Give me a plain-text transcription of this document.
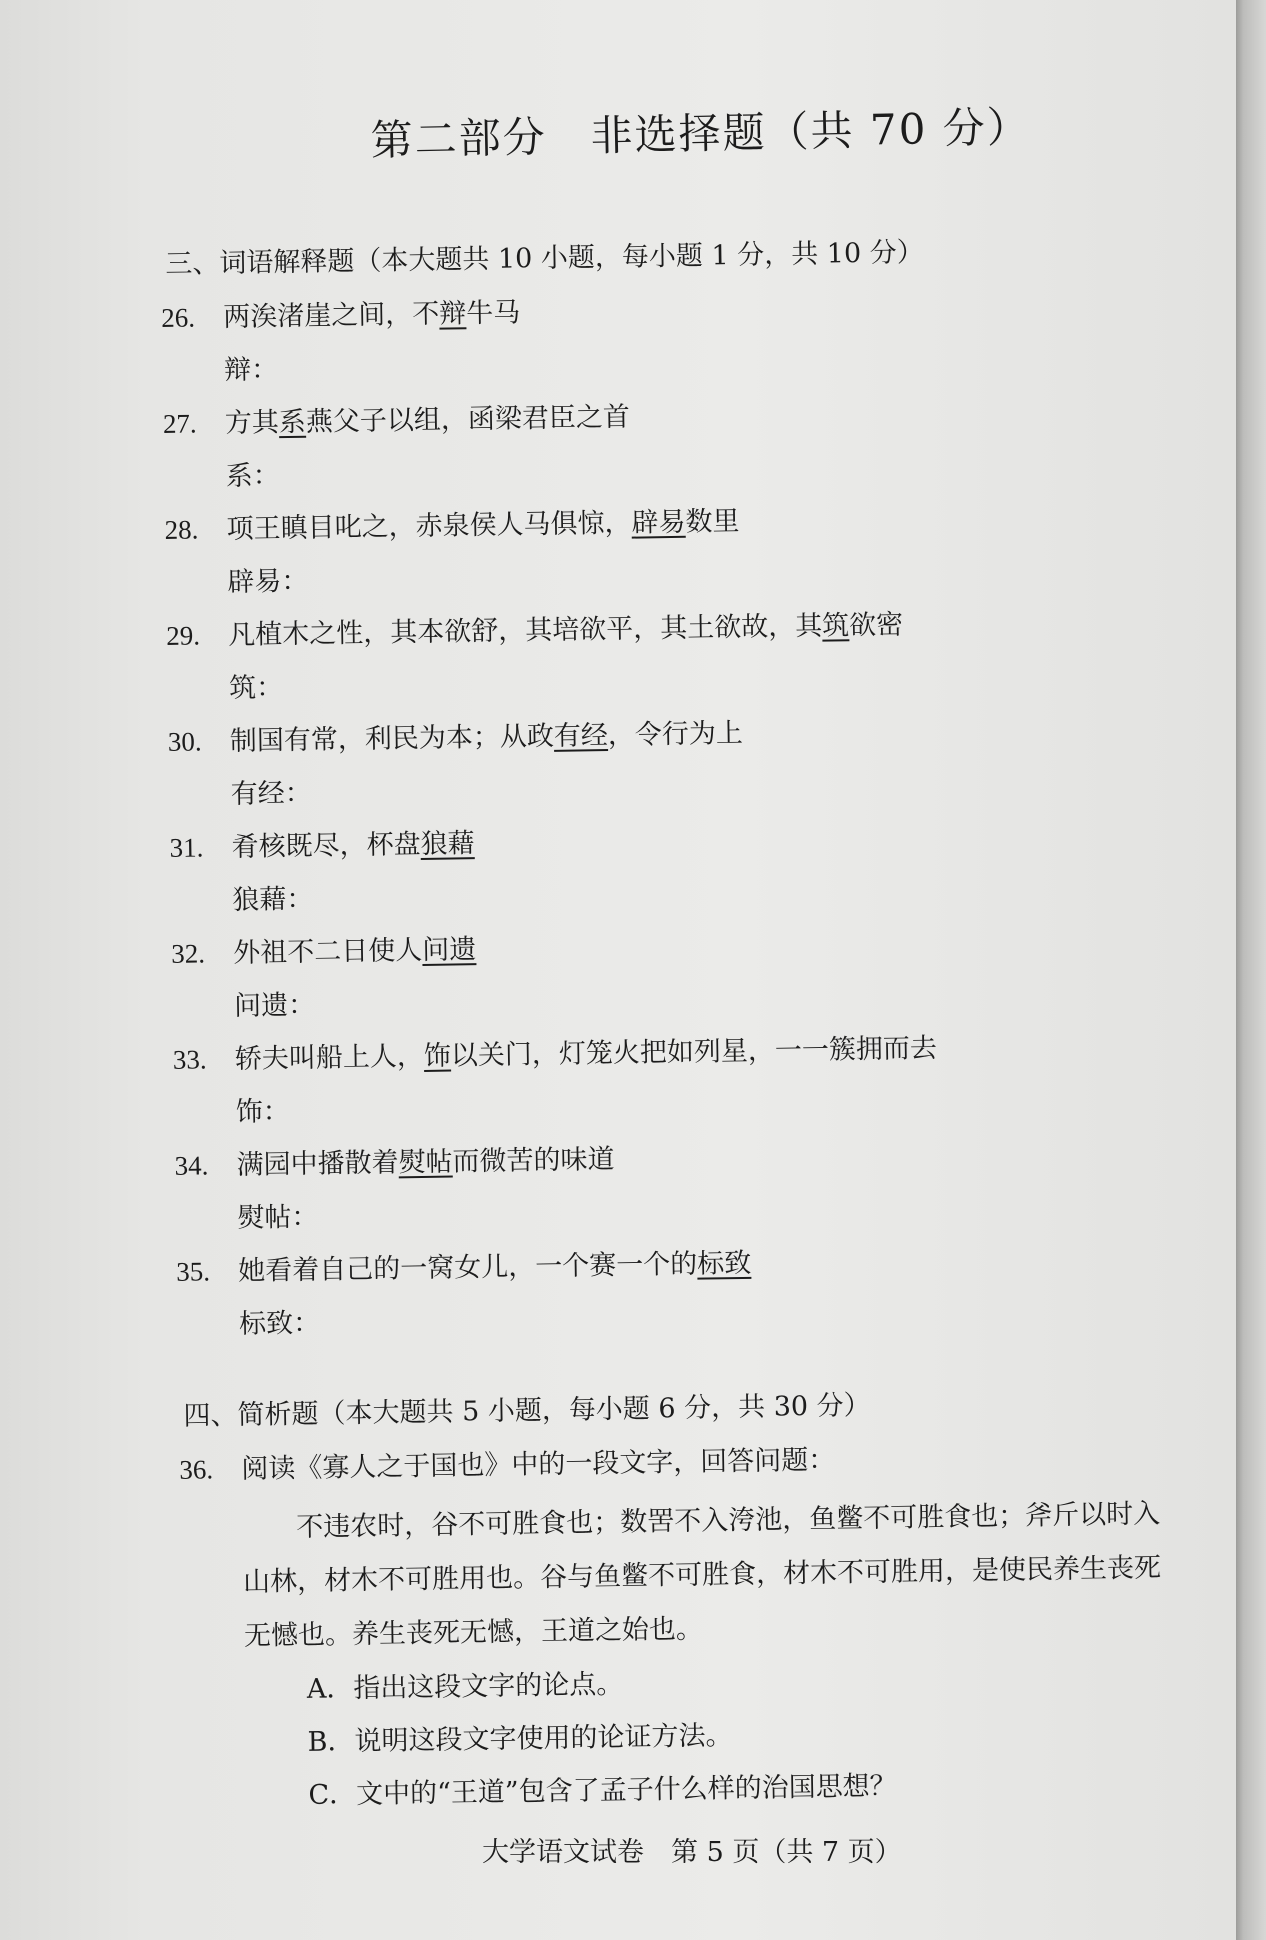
第二部分　非选择题（共 70 分）
三、词语解释题（本大题共 10 小题，每小题 1 分，共 10 分）
26. 两涘渚崖之间，不辩牛马
辩：
27. 方其系燕父子以组，函梁君臣之首
系：
28. 项王瞋目叱之，赤泉侯人马俱惊，辟易数里
辟易：
29. 凡植木之性，其本欲舒，其培欲平，其土欲故，其筑欲密
筑：
30. 制国有常，利民为本；从政有经，令行为上
有经：
31. 肴核既尽，杯盘狼藉
狼藉：
32. 外祖不二日使人问遗
问遗：
33. 轿夫叫船上人，饰以关门，灯笼火把如列星，一一簇拥而去
饰：
34. 满园中播散着熨帖而微苦的味道
熨帖：
35. 她看着自己的一窝女儿，一个赛一个的标致
标致：
四、简析题（本大题共 5 小题，每小题 6 分，共 30 分）
36. 阅读《寡人之于国也》中的一段文字，回答问题：
不违农时，谷不可胜食也；数罟不入洿池，鱼鳖不可胜食也；斧斤以时入山林，材木不可胜用也。谷与鱼鳖不可胜食，材木不可胜用，是使民养生丧死无憾也。养生丧死无憾，王道之始也。
A．指出这段文字的论点。
B．说明这段文字使用的论证方法。
C．文中的“王道”包含了孟子什么样的治国思想？
大学语文试卷　第 5 页（共 7 页）
